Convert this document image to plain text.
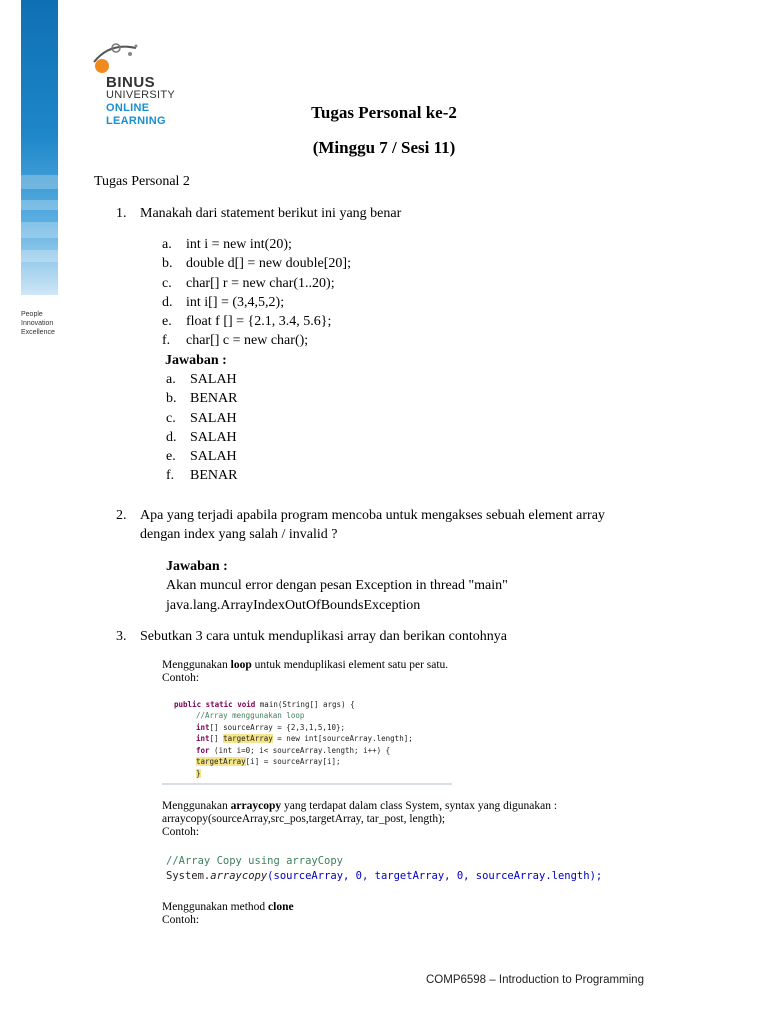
People
Innovation
Excellence
BINUS
UNIVERSITY
ONLINE
LEARNING	Tugas Personal ke-2
(Minggu 7 / Sesi 11)
Tugas Personal 2
1. Manakah dari statement berikut ini yang benar
a. int i = new int(20);
b. double d[] = new double[20];
c. char[] r = new char(1..20);
d. int i[] = (3,4,5,2);
e. float f [] = {2.1, 3.4, 5.6};
f. char[] c = new char();
Jawaban :
a. SALAH
b. BENAR
c. SALAH
d. SALAH
e. SALAH
f. BENAR
2. Apa yang terjadi apabila program mencoba untuk mengakses sebuah element array
dengan index yang salah / invalid ?
Jawaban :
Akan muncul error dengan pesan Exception in thread "main"
java.lang.ArrayIndexOutOfBoundsException
3. Sebutkan 3 cara untuk menduplikasi array dan berikan contohnya
Menggunakan loop untuk menduplikasi element satu per satu.
Contoh:
public static void main(String[] args) {
//Array menggunakan loop
int[] sourceArray = {2,3,1,5,10};
int[] targetArray = new int[sourceArray.length];
for (int i=0; i< sourceArray.length; i++) {
targetArray[i] = sourceArray[i];
}
Menggunakan arraycopy yang terdapat dalam class System, syntax yang digunakan :
arraycopy(sourceArray,src_pos,targetArray, tar_post, length);
Contoh:
//Array Copy using arrayCopy
System.arraycopy(sourceArray, 0, targetArray, 0, sourceArray.length);
Menggunakan method clone
Contoh:
COMP6598 – Introduction to Programming
